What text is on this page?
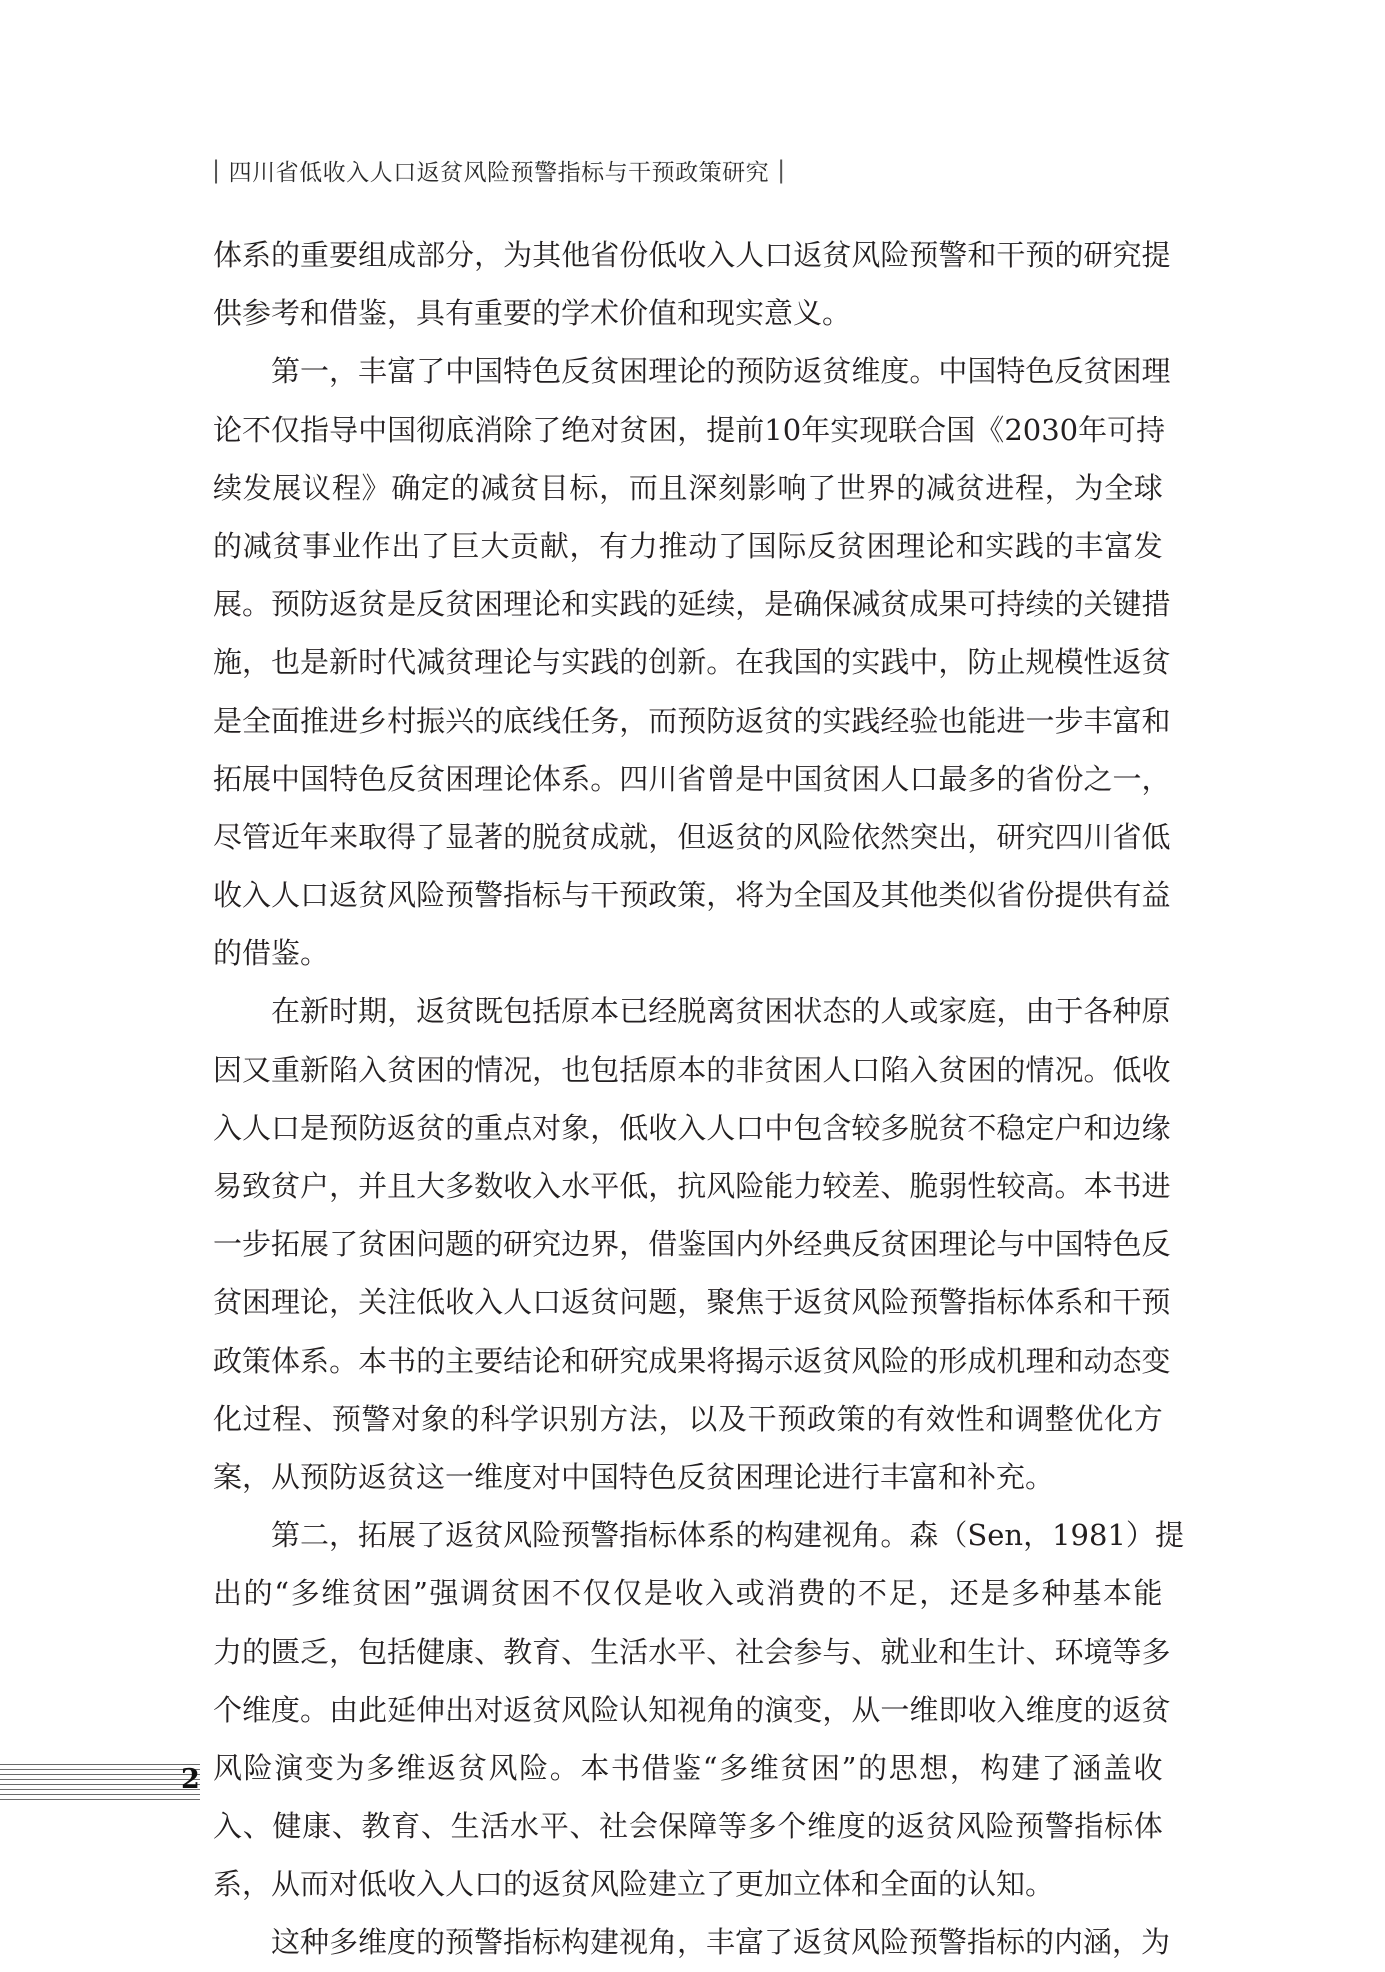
| 四川省低收入人口返贫风险预警指标与干预政策研究 |
体 系 的 重 要 组 成 部 分 ， 为 其 他 省 份 低 收 入 人 口 返 贫 风 险 预 警 和 干 预 的 研 究 提
供参考和借鉴，具有重要的学术价值和现实意义。
第 一 ， 丰 富 了 中 国 特 色 反 贫 困 理 论 的 预 防 返 贫 维 度 。 中 国 特 色 反 贫 困 理
论 不 仅 指 导 中 国 彻 底 消 除 了 绝 对 贫 困 ， 提 前 10 年 实 现 联 合 国 《 2030 年 可 持
续 发 展 议 程 》 确 定 的 减 贫 目 标 ， 而 且 深 刻 影 响 了 世 界 的 减 贫 进 程 ， 为 全 球
的 减 贫 事 业 作 出 了 巨 大 贡 献 ， 有 力 推 动 了 国 际 反 贫 困 理 论 和 实 践 的 丰 富 发
展 。 预 防 返 贫 是 反 贫 困 理 论 和 实 践 的 延 续 ， 是 确 保 减 贫 成 果 可 持 续 的 关 键 措
施 ， 也 是 新 时 代 减 贫 理 论 与 实 践 的 创 新 。 在 我 国 的 实 践 中 ， 防 止 规 模 性 返 贫
是 全 面 推 进 乡 村 振 兴 的 底 线 任 务 ， 而 预 防 返 贫 的 实 践 经 验 也 能 进 一 步 丰 富 和
拓 展 中 国 特 色 反 贫 困 理 论 体 系 。 四 川 省 曾 是 中 国 贫 困 人 口 最 多 的 省 份 之 一 ，
尽 管 近 年 来 取 得 了 显 著 的 脱 贫 成 就 ， 但 返 贫 的 风 险 依 然 突 出 ， 研 究 四 川 省 低
收 入 人 口 返 贫 风 险 预 警 指 标 与 干 预 政 策 ， 将 为 全 国 及 其 他 类 似 省 份 提 供 有 益
的借鉴。
在 新 时 期 ， 返 贫 既 包 括 原 本 已 经 脱 离 贫 困 状 态 的 人 或 家 庭 ， 由 于 各 种 原
因 又 重 新 陷 入 贫 困 的 情 况 ， 也 包 括 原 本 的 非 贫 困 人 口 陷 入 贫 困 的 情 况 。 低 收
入 人 口 是 预 防 返 贫 的 重 点 对 象 ， 低 收 入 人 口 中 包 含 较 多 脱 贫 不 稳 定 户 和 边 缘
易 致 贫 户 ， 并 且 大 多 数 收 入 水 平 低 ， 抗 风 险 能 力 较 差 、 脆 弱 性 较 高 。 本 书 进
一 步 拓 展 了 贫 困 问 题 的 研 究 边 界 ， 借 鉴 国 内 外 经 典 反 贫 困 理 论 与 中 国 特 色 反
贫 困 理 论 ， 关 注 低 收 入 人 口 返 贫 问 题 ， 聚 焦 于 返 贫 风 险 预 警 指 标 体 系 和 干 预
政 策 体 系 。 本 书 的 主 要 结 论 和 研 究 成 果 将 揭 示 返 贫 风 险 的 形 成 机 理 和 动 态 变
化 过 程 、 预 警 对 象 的 科 学 识 别 方 法 ， 以 及 干 预 政 策 的 有 效 性 和 调 整 优 化 方
案，从预防返贫这一维度对中国特色反贫困理论进行丰富和补充。
第 二 ， 拓 展 了 返 贫 风 险 预 警 指 标 体 系 的 构 建 视 角 。 森 （ Sen ， 1981 ） 提
出 的 “ 多 维 贫 困 ” 强 调 贫 困 不 仅 仅 是 收 入 或 消 费 的 不 足 ， 还 是 多 种 基 本 能
力 的 匮 乏 ， 包 括 健 康 、 教 育 、 生 活 水 平 、 社 会 参 与 、 就 业 和 生 计 、 环 境 等 多
个 维 度 。 由 此 延 伸 出 对 返 贫 风 险 认 知 视 角 的 演 变 ， 从 一 维 即 收 入 维 度 的 返 贫
风 险 演 变 为 多 维 返 贫 风 险 。 本 书 借 鉴 “ 多 维 贫 困 ” 的 思 想 ， 构 建 了 涵 盖 收
入 、 健 康 、 教 育 、 生 活 水 平 、 社 会 保 障 等 多 个 维 度 的 返 贫 风 险 预 警 指 标 体
系，从而对低收入人口的返贫风险建立了更加立体和全面的认知。
这种多维度的预警指标构建视角，丰富了返贫风险预警指标的内涵，为
2
